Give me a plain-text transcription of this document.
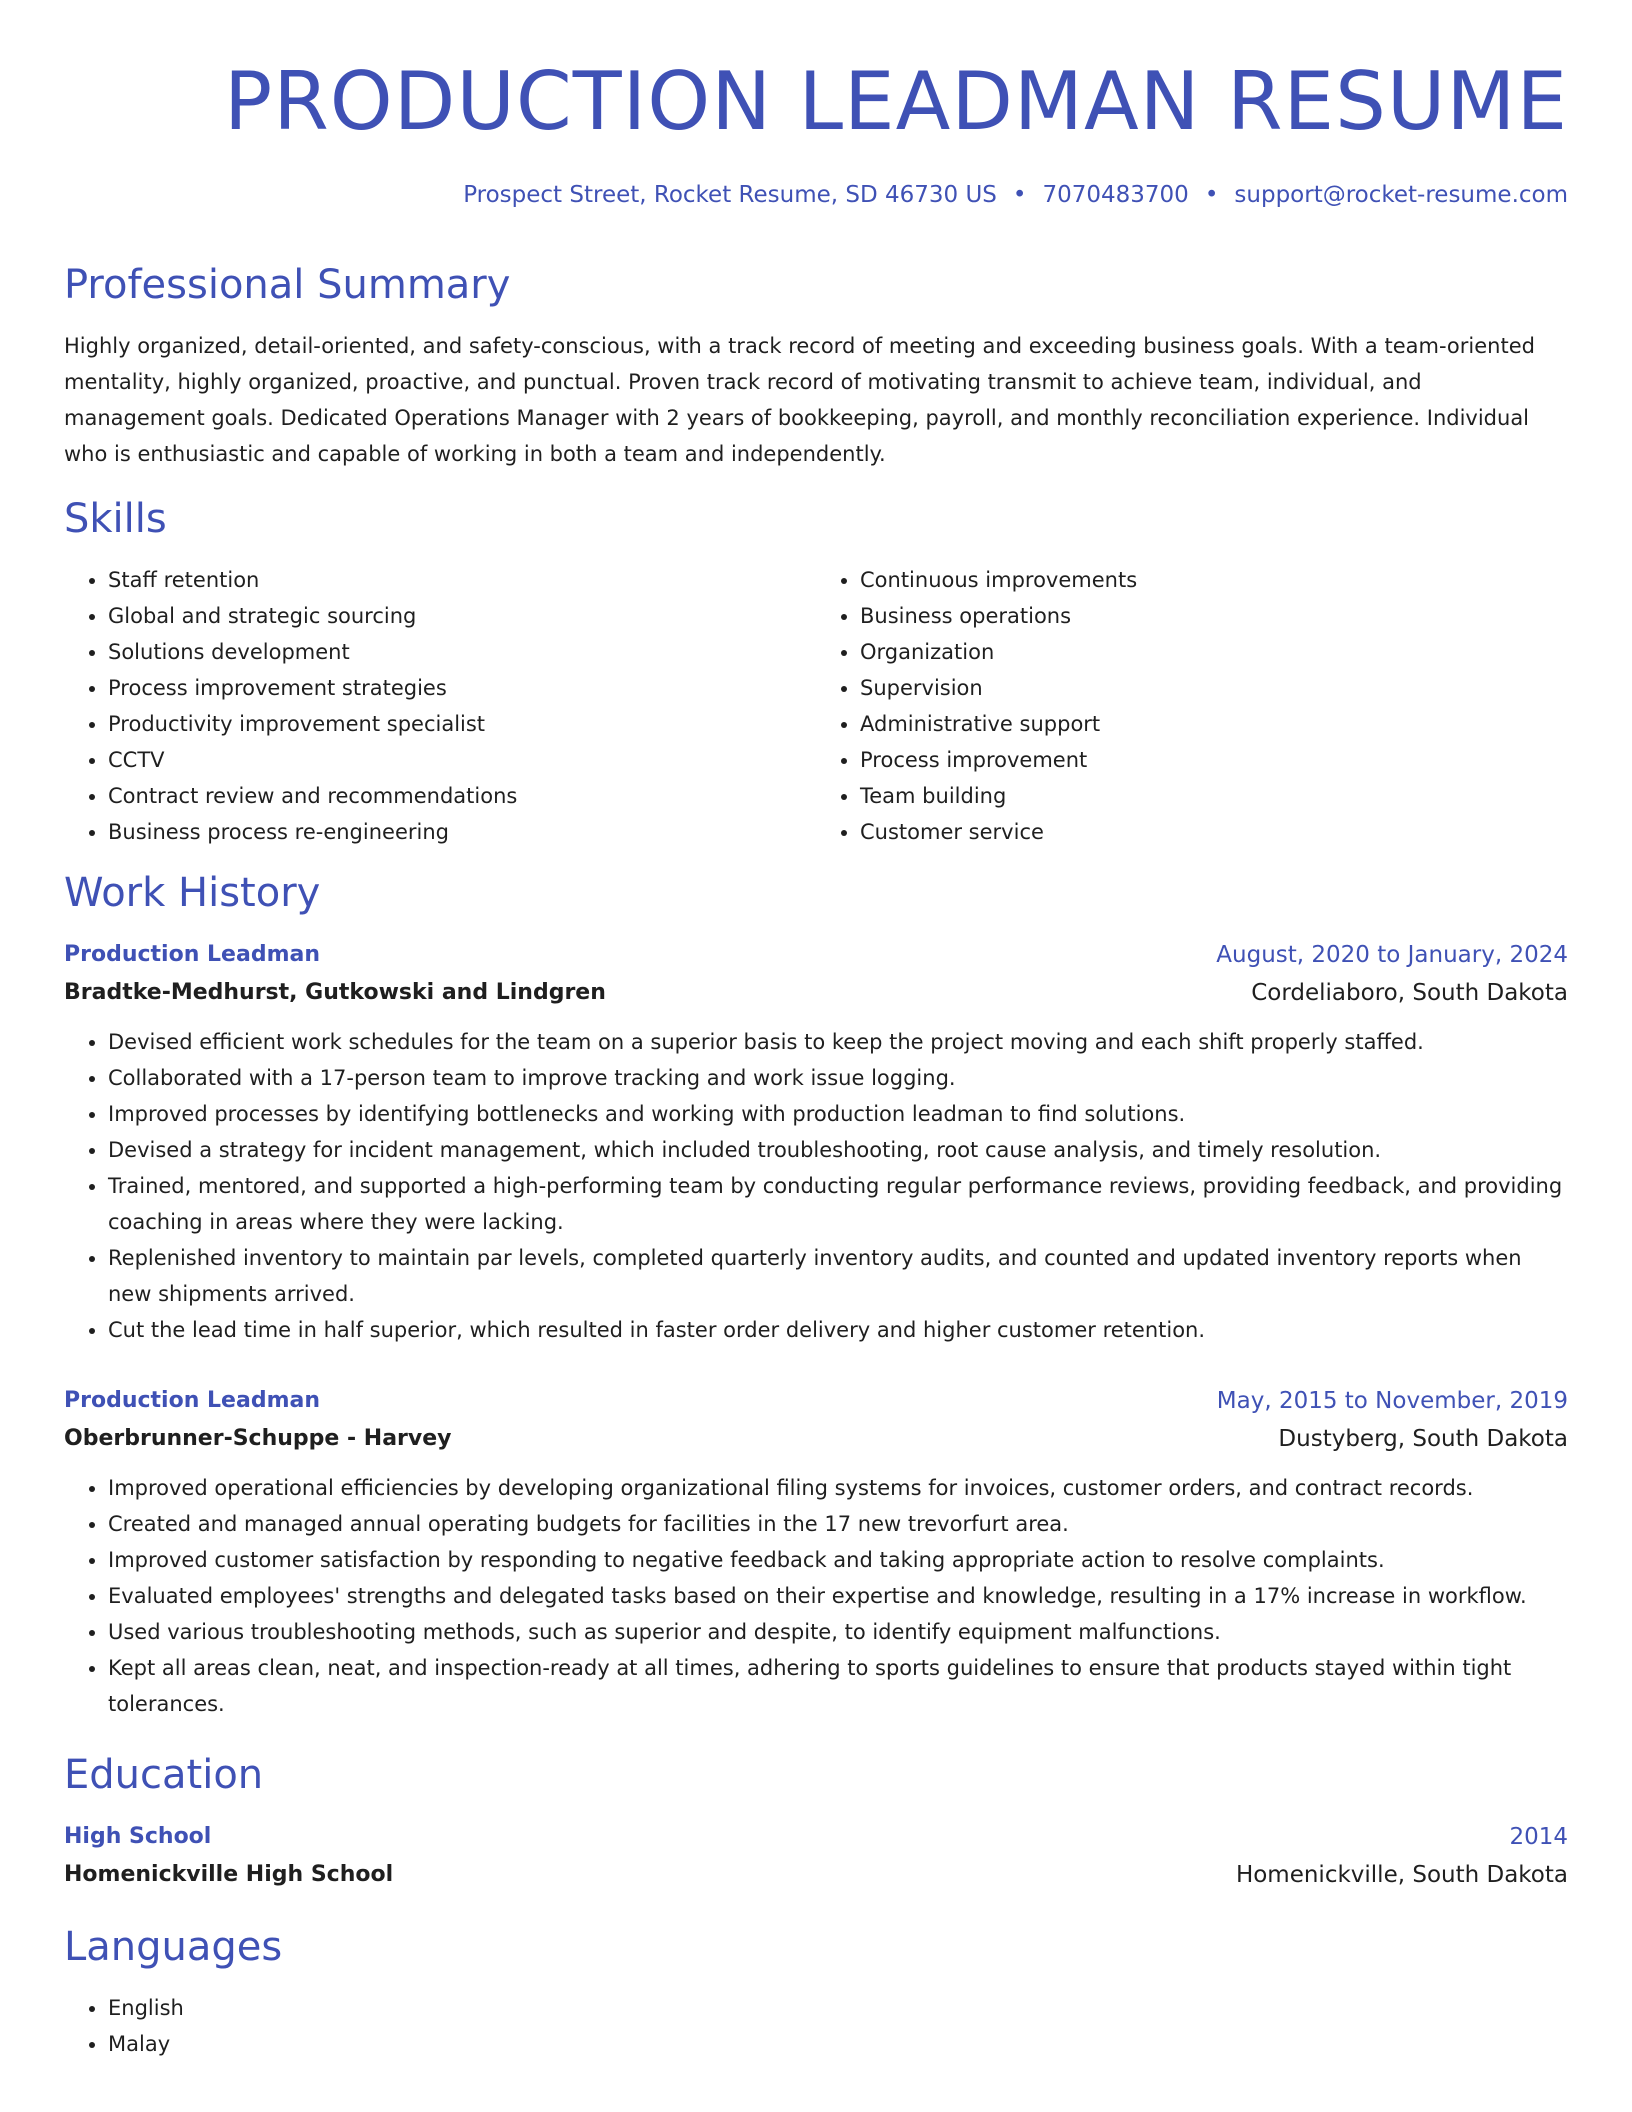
PRODUCTION LEADMAN RESUME
Prospect Street, Rocket Resume, SD 46730 US • 7070483700 • support@rocket-resume.com
Professional Summary

Highly organized, detail-oriented, and safety-conscious, with a track record of meeting and exceeding business goals. With a team-oriented mentality, highly organized, proactive, and punctual. Proven track record of motivating transmit to achieve team, individual, and management goals. Dedicated Operations Manager with 2 years of bookkeeping, payroll, and monthly reconciliation experience. Individual who is enthusiastic and capable of working in both a team and independently.

Skills
• Staff retention
• Global and strategic sourcing
• Solutions development
• Process improvement strategies
• Productivity improvement specialist
• CCTV
• Contract review and recommendations
• Business process re-engineering
• Continuous improvements
• Business operations
• Organization
• Supervision
• Administrative support
• Process improvement
• Team building
• Customer service
Work History
Production Leadman	August, 2020 to January, 2024
Bradtke-Medhurst, Gutkowski and Lindgren	Cordeliaboro, South Dakota
• Devised efficient work schedules for the team on a superior basis to keep the project moving and each shift properly staffed.
• Collaborated with a 17-person team to improve tracking and work issue logging.
• Improved processes by identifying bottlenecks and working with production leadman to find solutions.
• Devised a strategy for incident management, which included troubleshooting, root cause analysis, and timely resolution.
• Trained, mentored, and supported a high-performing team by conducting regular performance reviews, providing feedback, and providing coaching in areas where they were lacking.
• Replenished inventory to maintain par levels, completed quarterly inventory audits, and counted and updated inventory reports when new shipments arrived.
• Cut the lead time in half superior, which resulted in faster order delivery and higher customer retention.
Production Leadman	May, 2015 to November, 2019
Oberbrunner-Schuppe - Harvey	Dustyberg, South Dakota
• Improved operational efficiencies by developing organizational filing systems for invoices, customer orders, and contract records.
• Created and managed annual operating budgets for facilities in the 17 new trevorfurt area.
• Improved customer satisfaction by responding to negative feedback and taking appropriate action to resolve complaints.
• Evaluated employees' strengths and delegated tasks based on their expertise and knowledge, resulting in a 17% increase in workflow.
• Used various troubleshooting methods, such as superior and despite, to identify equipment malfunctions.
• Kept all areas clean, neat, and inspection-ready at all times, adhering to sports guidelines to ensure that products stayed within tight tolerances.
Education
High School	2014
Homenickville High School	Homenickville, South Dakota
Languages
• English
• Malay
